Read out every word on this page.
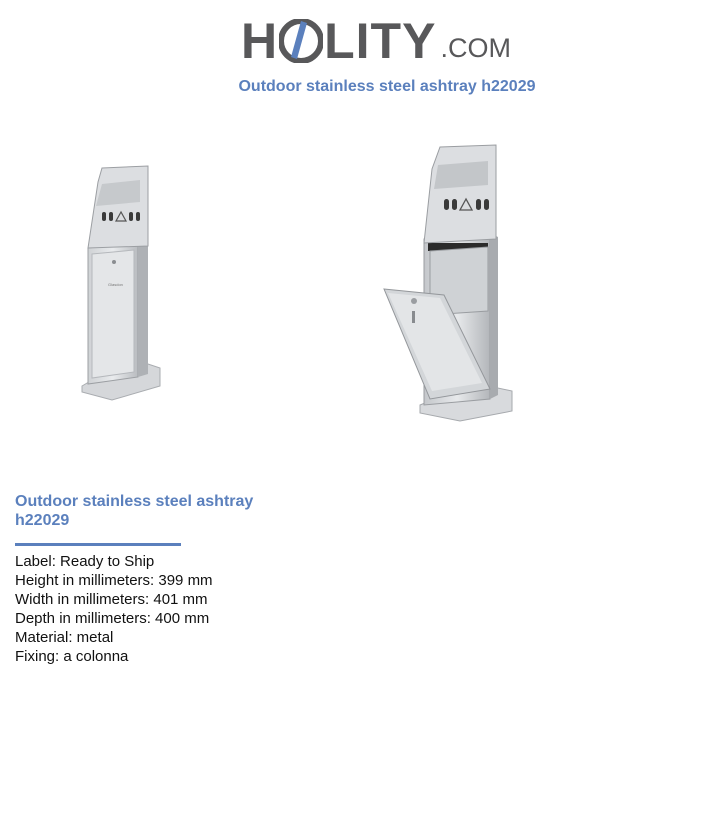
H LITY .COM
Outdoor stainless steel ashtray h22029
Glasdon
Outdoor stainless steel ashtray h22029
Label: Ready to Ship
Height in millimeters: 399 mm
Width in millimeters: 401 mm
Depth in millimeters: 400 mm
Material: metal
Fixing: a colonna
